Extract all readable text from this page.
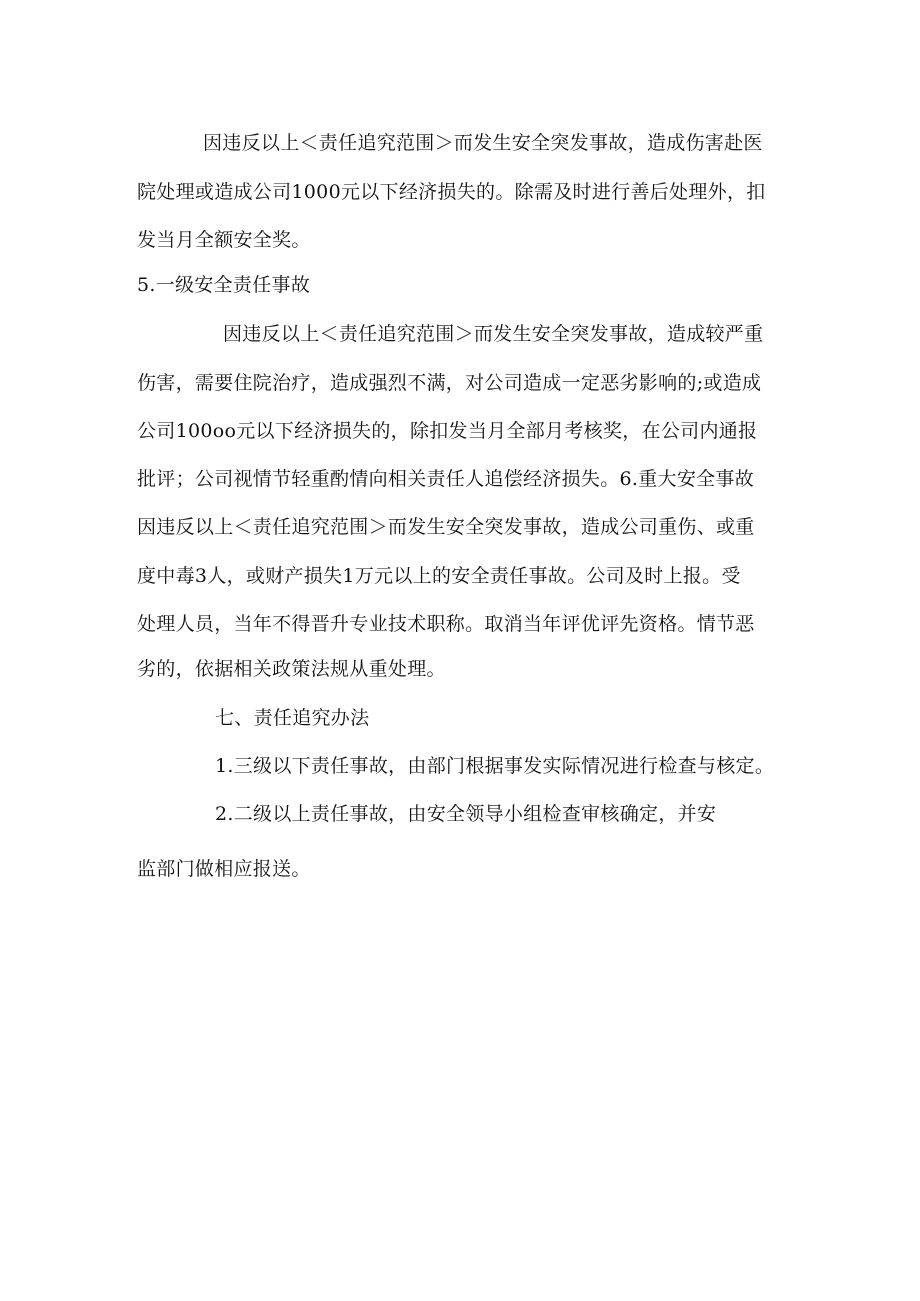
因违反以上＜责任追究范围＞而发生安全突发事故，造成伤害赴医
院处理或造成公司1000元以下经济损失的。除需及时进行善后处理外，扣
发当月全额安全奖。
5.一级安全责任事故
因违反以上＜责任追究范围＞而发生安全突发事故，造成较严重
伤害，需要住院治疗，造成强烈不满，对公司造成一定恶劣影响的;或造成
公司100oo元以下经济损失的，除扣发当月全部月考核奖，在公司内通报
批评；公司视情节轻重酌情向相关责任人追偿经济损失。6.重大安全事故
因违反以上＜责任追究范围＞而发生安全突发事故，造成公司重伤、或重
度中毒3人，或财产损失1万元以上的安全责任事故。公司及时上报。受
处理人员，当年不得晋升专业技术职称。取消当年评优评先资格。情节恶
劣的，依据相关政策法规从重处理。
七、责任追究办法
1.三级以下责任事故，由部门根据事发实际情况进行检查与核定。
2.二级以上责任事故，由安全领导小组检查审核确定，并安
监部门做相应报送。
